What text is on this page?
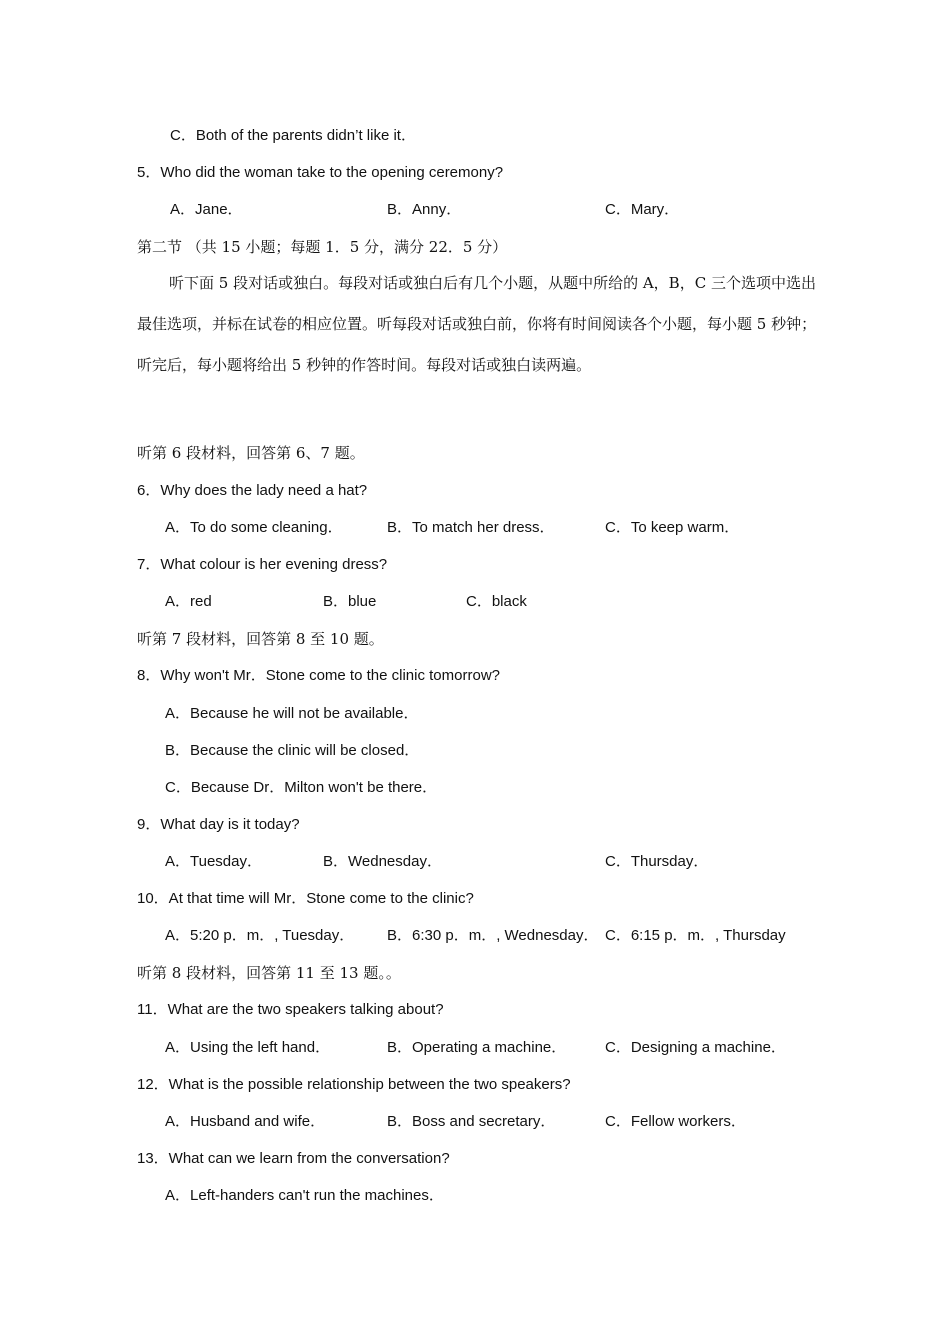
C．Both of the parents didn’t like it．
5．Who did the woman take to the opening ceremony?
A．Jane．	B．Anny．	C．Mary．
第二节 （共 15 小题；每题 1．5 分，满分 22．5 分）
听下面 5 段对话或独白。每段对话或独白后有几个小题，从题中所给的 A，B，C 三个选项中选出最佳选项，并标在试卷的相应位置。听每段对话或独白前，你将有时间阅读各个小题，每小题 5 秒钟；听完后，每小题将给出 5 秒钟的作答时间。每段对话或独白读两遍。
听第 6 段材料，回答第 6、7 题。
6．Why does the lady need a hat?
A．To do some cleaning．	B．To match her dress．	C．To keep warm．
7．What colour is her evening dress?
A．red	B．blue	C．black
听第 7 段材料，回答第 8 至 10 题。
8．Why won't Mr．Stone come to the clinic tomorrow?
A．Because he will not be available．
B．Because the clinic will be closed．
C．Because Dr．Milton won't be there．
9．What day is it today?
A．Tuesday．	B．Wednesday．	C．Thursday．
10．At that time will Mr．Stone come to the clinic?
A．5:20 p．m．, Tuesday． B．6:30 p．m．, Wednesday． C．6:15 p．m．, Thursday
听第 8 段材料，回答第 11 至 13 题。。
11．What are the two speakers talking about?
A．Using the left hand．	B．Operating a machine．	C．Designing a machine．
12．What is the possible relationship between the two speakers?
A．Husband and wife．	B．Boss and secretary．	C．Fellow workers．
13．What can we learn from the conversation?
A．Left-handers can't run the machines．
